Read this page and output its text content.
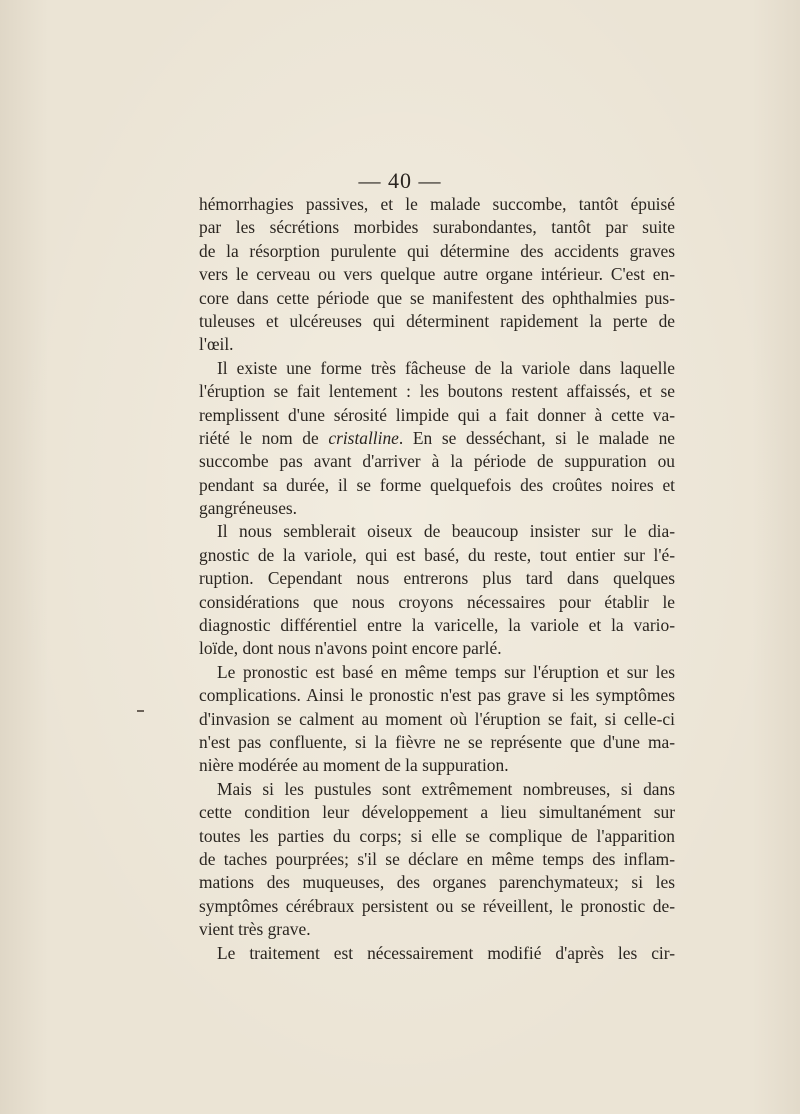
— 40 —
hémorrhagies passives, et le malade succombe, tantôt épuisé
par les sécrétions morbides surabondantes, tantôt par suite
de la résorption purulente qui détermine des accidents graves
vers le cerveau ou vers quelque autre organe intérieur. C'est en-
core dans cette période que se manifestent des ophthalmies pus-
tuleuses et ulcéreuses qui déterminent rapidement la perte de
l'œil.
Il existe une forme très fâcheuse de la variole dans laquelle
l'éruption se fait lentement : les boutons restent affaissés, et se
remplissent d'une sérosité limpide qui a fait donner à cette va-
riété le nom de cristalline. En se desséchant, si le malade ne
succombe pas avant d'arriver à la période de suppuration ou
pendant sa durée, il se forme quelquefois des croûtes noires et
gangréneuses.
Il nous semblerait oiseux de beaucoup insister sur le dia-
gnostic de la variole, qui est basé, du reste, tout entier sur l'é-
ruption. Cependant nous entrerons plus tard dans quelques
considérations que nous croyons nécessaires pour établir le
diagnostic différentiel entre la varicelle, la variole et la vario-
loïde, dont nous n'avons point encore parlé.
Le pronostic est basé en même temps sur l'éruption et sur les
complications. Ainsi le pronostic n'est pas grave si les symptômes
d'invasion se calment au moment où l'éruption se fait, si celle-ci
n'est pas confluente, si la fièvre ne se représente que d'une ma-
nière modérée au moment de la suppuration.
Mais si les pustules sont extrêmement nombreuses, si dans
cette condition leur développement a lieu simultanément sur
toutes les parties du corps; si elle se complique de l'apparition
de taches pourprées; s'il se déclare en même temps des inflam-
mations des muqueuses, des organes parenchymateux; si les
symptômes cérébraux persistent ou se réveillent, le pronostic de-
vient très grave.
Le traitement est nécessairement modifié d'après les cir-
